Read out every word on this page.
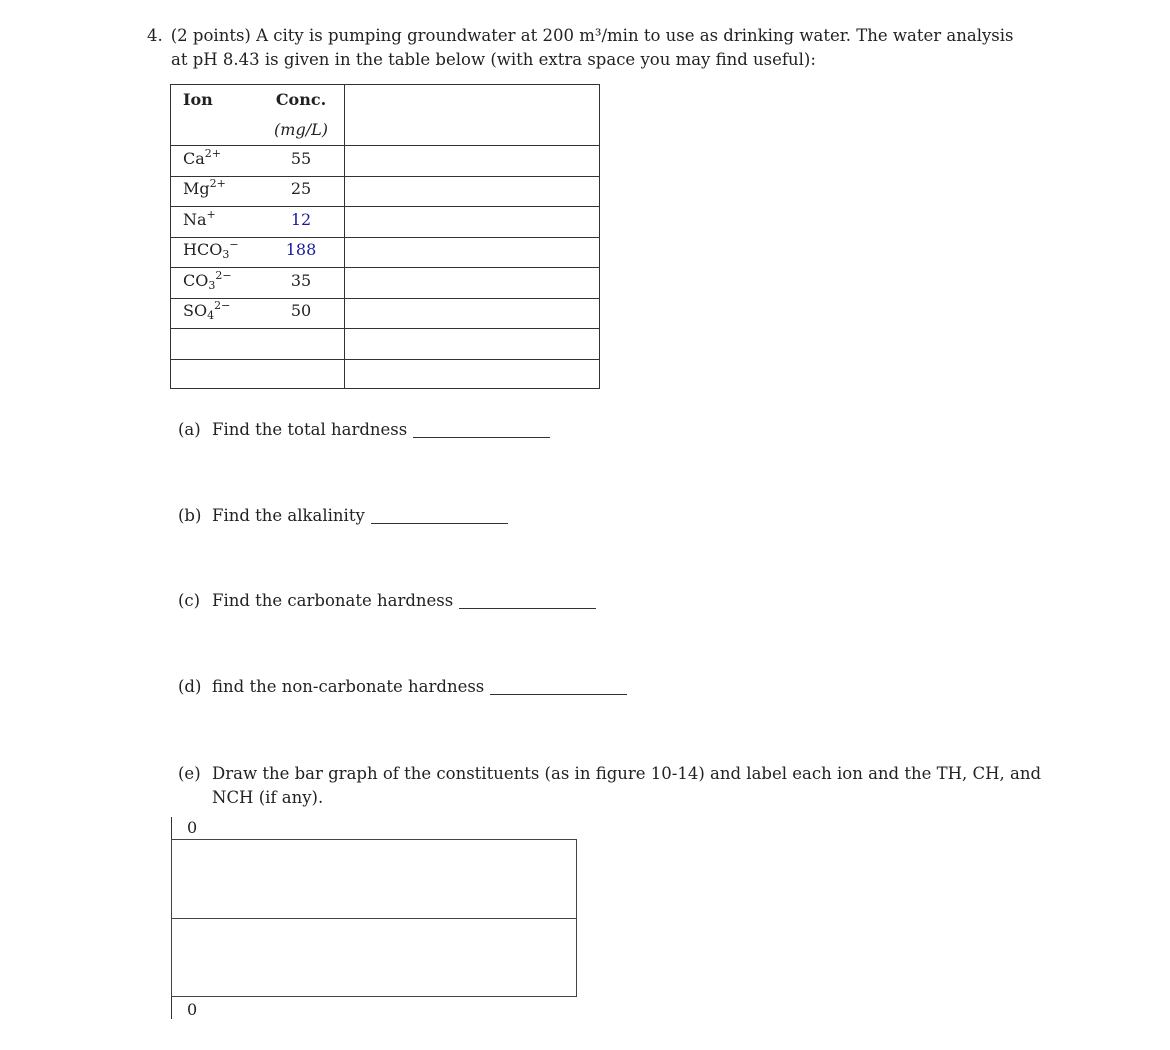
4. (2 points) A city is pumping groundwater at 200 m³/min to use as drinking water. The water analysis
at pH 8.43 is given in the table below (with extra space you may find useful):
Ion	Conc.
(mg/L)
$Ca^{2+}$	55
$Mg^{2+}$	25
Na+	12
$HCO_3^-$	188
$CO_3^{2-}$	35
$SO_4^{2-}$	50
(a) Find the total hardness
(b) Find the alkalinity
(c) Find the carbonate hardness
(d) find the non-carbonate hardness
(e) Draw the bar graph of the constituents (as in figure 10-14) and label each ion and the TH, CH, and
NCH (if any).
0
0
